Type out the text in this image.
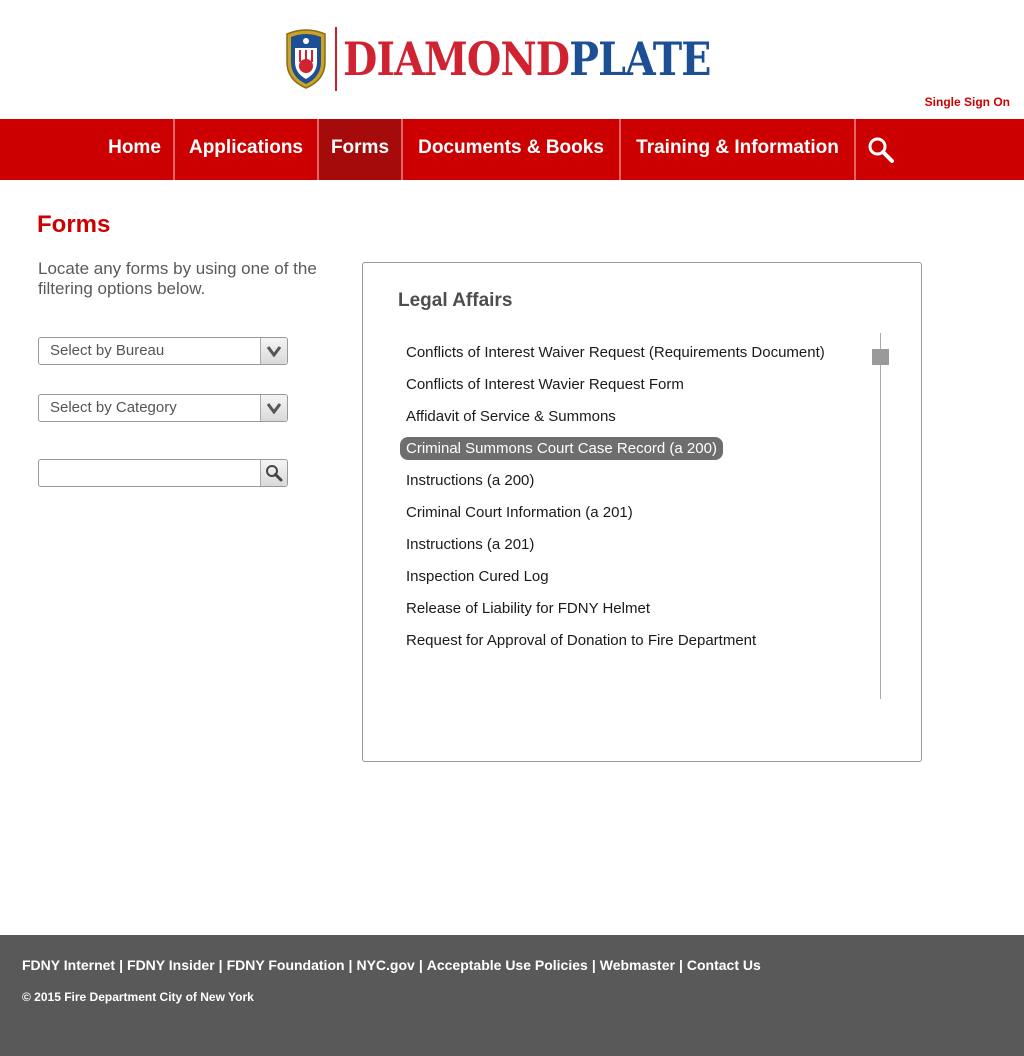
DIAMONDPLATE
Single Sign On
Home	Applications	Forms	Documents & Books	Training & Information
Forms
Locate any forms by using one of the filtering options below.
Select by Bureau
Select by Category
Legal Affairs
Conflicts of Interest Waiver Request (Requirements Document)
Conflicts of Interest Wavier Request Form
Affidavit of Service & Summons
Criminal Summons Court Case Record (a 200)
Instructions (a 200)
Criminal Court Information (a 201)
Instructions (a 201)
Inspection Cured Log
Release of Liability for FDNY Helmet
Request for Approval of Donation to Fire Department
FDNY Internet | FDNY Insider | FDNY Foundation | NYC.gov | Acceptable Use Policies | Webmaster | Contact Us
© 2015 Fire Department City of New York
